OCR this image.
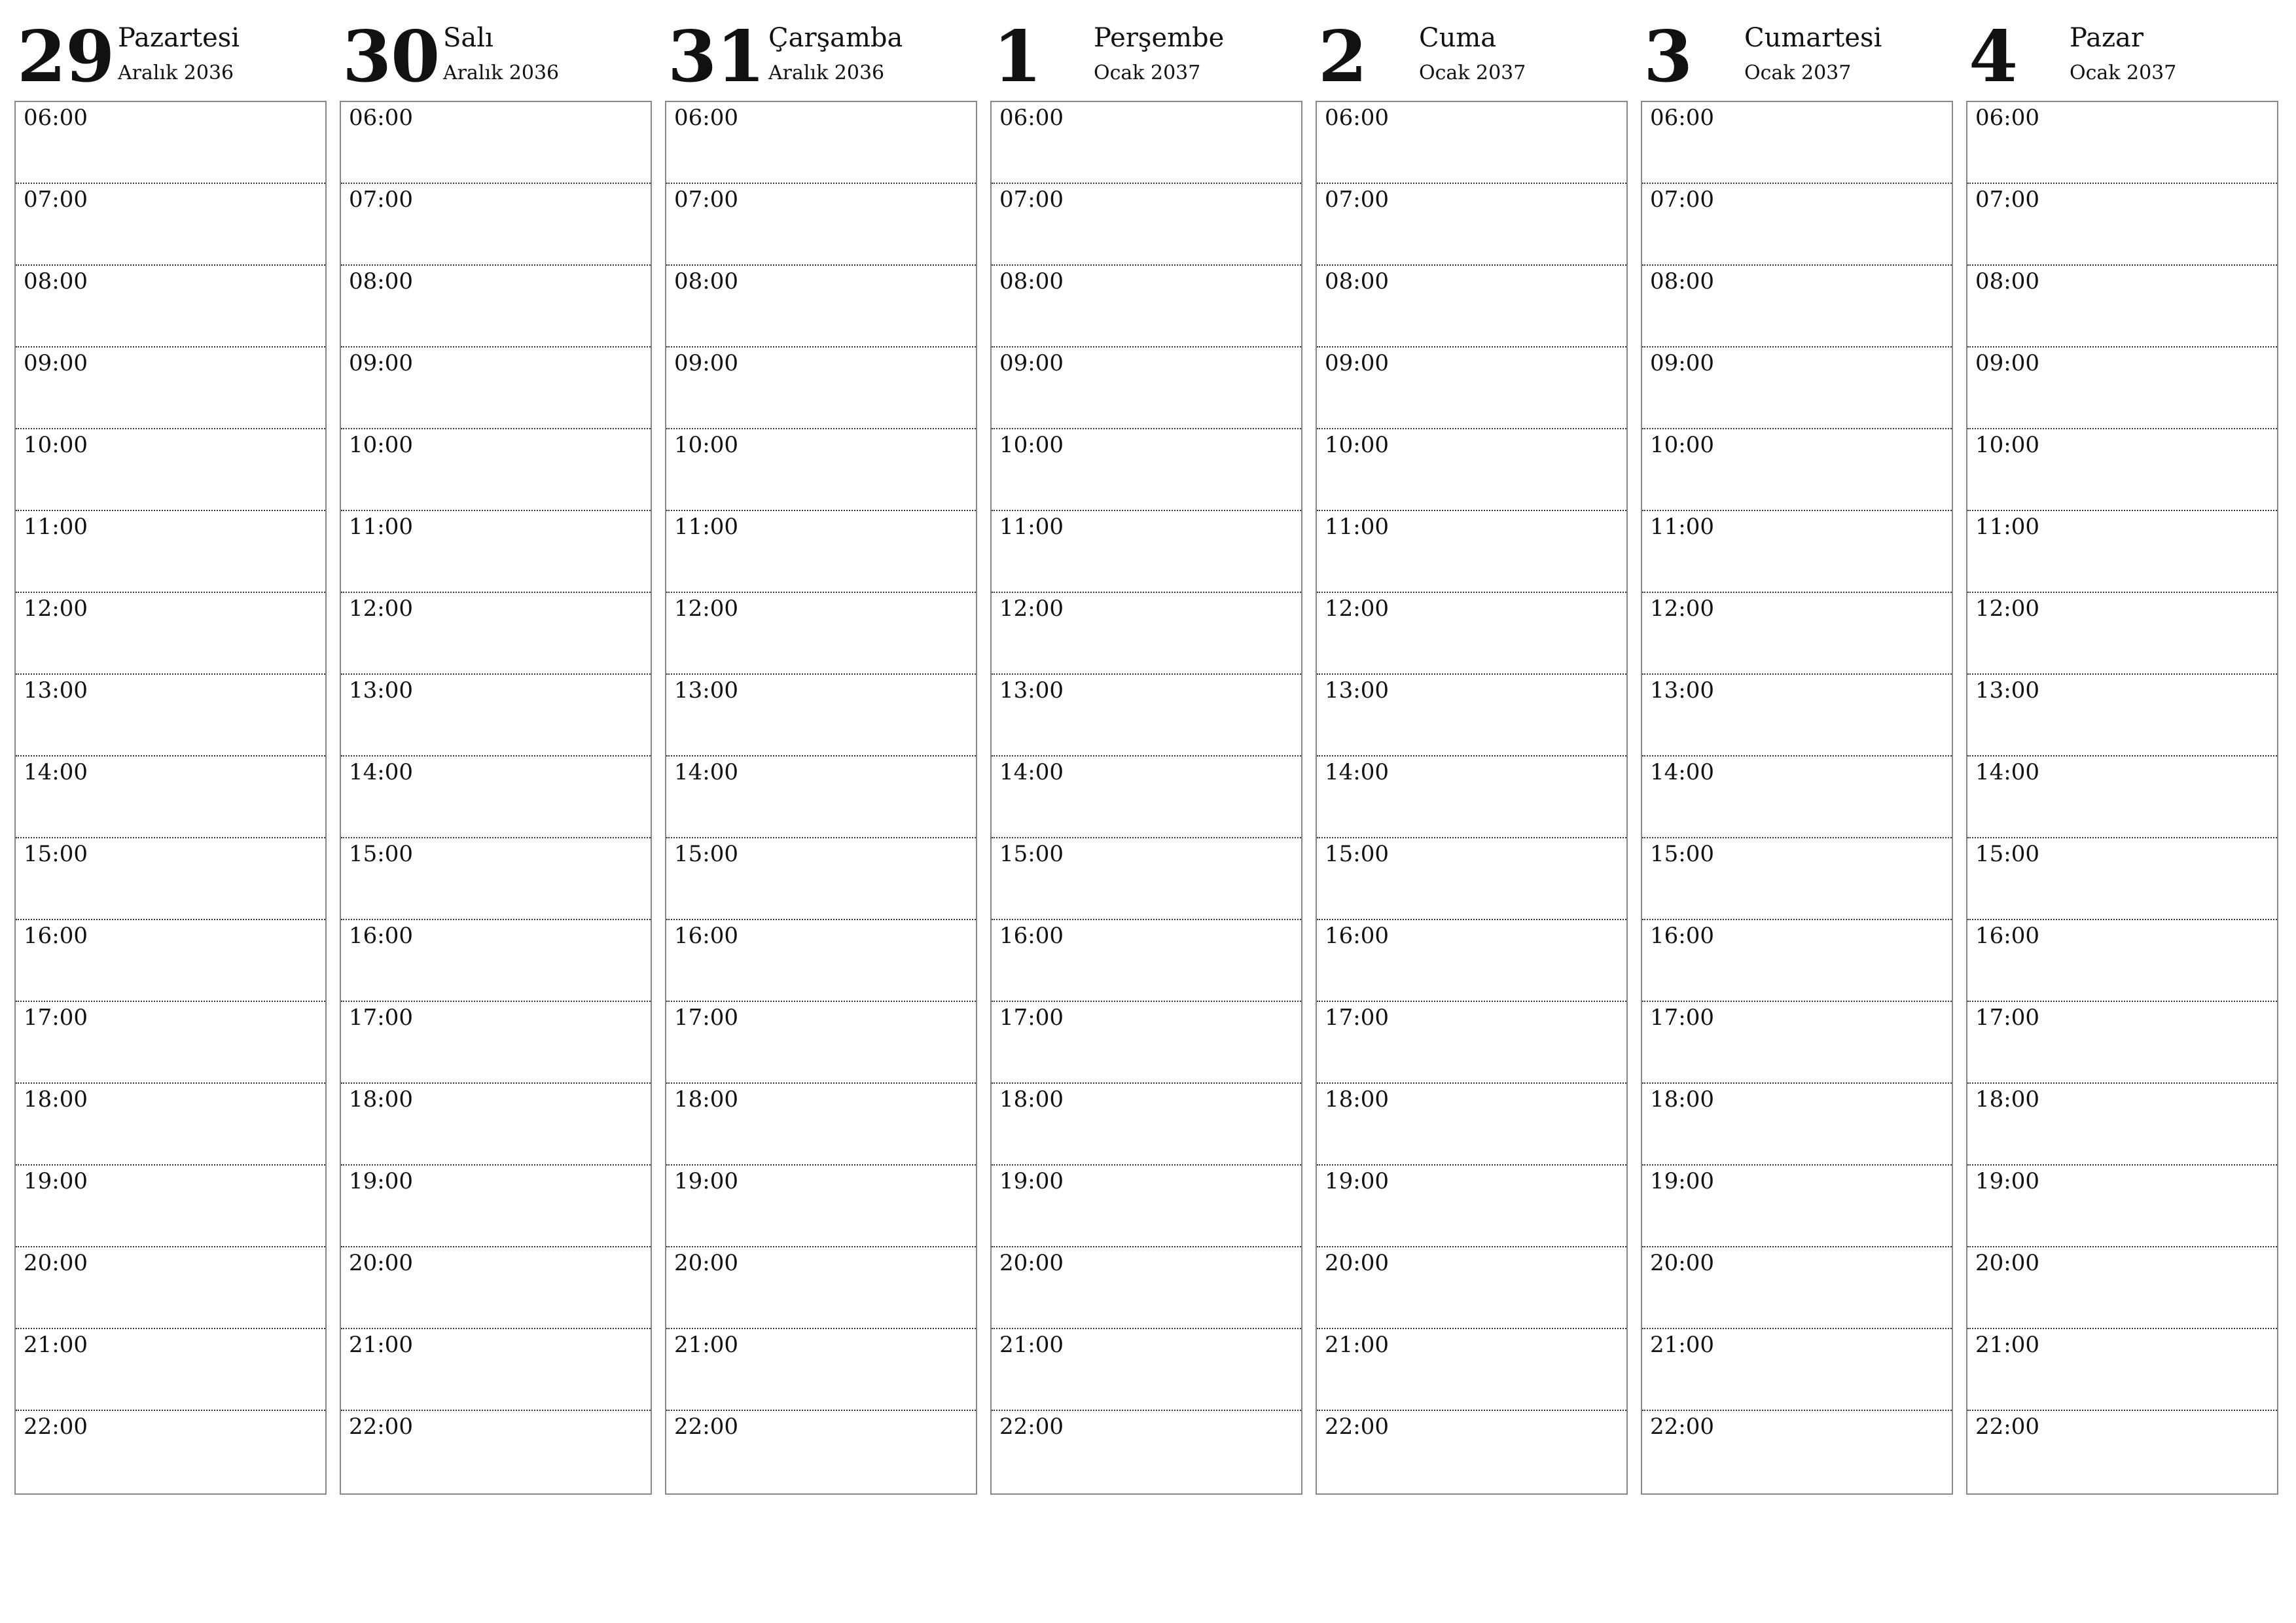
29 Pazartesi
Aralık 2036
06:00
07:00
08:00
09:00
10:00
11:00
12:00
13:00
14:00
15:00
16:00
17:00
18:00
19:00
20:00
21:00
22:00
30 Salı
Aralık 2036
06:00
07:00
08:00
09:00
10:00
11:00
12:00
13:00
14:00
15:00
16:00
17:00
18:00
19:00
20:00
21:00
22:00
31 Çarşamba
Aralık 2036
06:00
07:00
08:00
09:00
10:00
11:00
12:00
13:00
14:00
15:00
16:00
17:00
18:00
19:00
20:00
21:00
22:00
1 Perşembe
Ocak 2037
06:00
07:00
08:00
09:00
10:00
11:00
12:00
13:00
14:00
15:00
16:00
17:00
18:00
19:00
20:00
21:00
22:00
2 Cuma
Ocak 2037
06:00
07:00
08:00
09:00
10:00
11:00
12:00
13:00
14:00
15:00
16:00
17:00
18:00
19:00
20:00
21:00
22:00
3 Cumartesi
Ocak 2037
06:00
07:00
08:00
09:00
10:00
11:00
12:00
13:00
14:00
15:00
16:00
17:00
18:00
19:00
20:00
21:00
22:00
4 Pazar
Ocak 2037
06:00
07:00
08:00
09:00
10:00
11:00
12:00
13:00
14:00
15:00
16:00
17:00
18:00
19:00
20:00
21:00
22:00
